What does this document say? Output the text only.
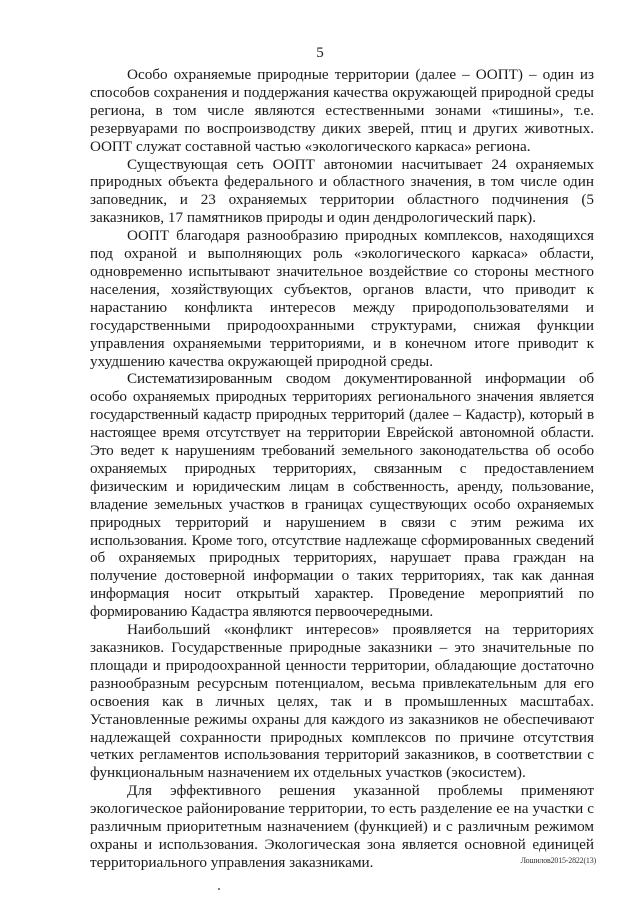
5

Особо охраняемые природные территории (далее – ООПТ) – один из способов сохранения и поддержания качества окружающей природной среды региона, в том числе являются естественными зонами «тишины», т.е. резервуарами по воспроизводству диких зверей, птиц и других животных. ООПТ служат составной частью «экологического каркаса» региона.

Существующая сеть ООПТ автономии насчитывает 24 охраняемых природных объекта федерального и областного значения, в том числе один заповедник, и 23 охраняемых территории областного подчинения (5 заказников, 17 памятников природы и один дендрологический парк).

ООПТ благодаря разнообразию природных комплексов, находящихся под охраной и выполняющих роль «экологического каркаса» области, одновременно испытывают значительное воздействие со стороны местного населения, хозяйствующих субъектов, органов власти, что приводит к нарастанию конфликта интересов между природопользователями и государственными природоохранными структурами, снижая функции управления охраняемыми территориями, и в конечном итоге приводит к ухудшению качества окружающей природной среды.

Систематизированным сводом документированной информации об особо охраняемых природных территориях регионального значения является государственный кадастр природных территорий (далее – Кадастр), который в настоящее время отсутствует на территории Еврейской автономной области. Это ведет к нарушениям требований земельного законодательства об особо охраняемых природных территориях, связанным с предоставлением физическим и юридическим лицам в собственность, аренду, пользование, владение земельных участков в границах существующих особо охраняемых природных территорий и нарушением в связи с этим режима их использования. Кроме того, отсутствие надлежаще сформированных сведений об охраняемых природных территориях, нарушает права граждан на получение достоверной информации о таких территориях, так как данная информация носит открытый характер. Проведение мероприятий по формированию Кадастра являются первоочередными.

Наибольший «конфликт интересов» проявляется на территориях заказников. Государственные природные заказники – это значительные по площади и природоохранной ценности территории, обладающие достаточно разнообразным ресурсным потенциалом, весьма привлекательным для его освоения как в личных целях, так и в промышленных масштабах. Установленные режимы охраны для каждого из заказников не обеспечивают надлежащей сохранности природных комплексов по причине отсутствия четких регламентов использования территорий заказников, в соответствии с функциональным назначением их отдельных участков (экосистем).

Для эффективного решения указанной проблемы применяют экологическое районирование территории, то есть разделение ее на участки с различным приоритетным назначением (функцией) и с различным режимом охраны и использования. Экологическая зона является основной единицей территориального управления заказниками.	Лошилов2015-2822(13)
